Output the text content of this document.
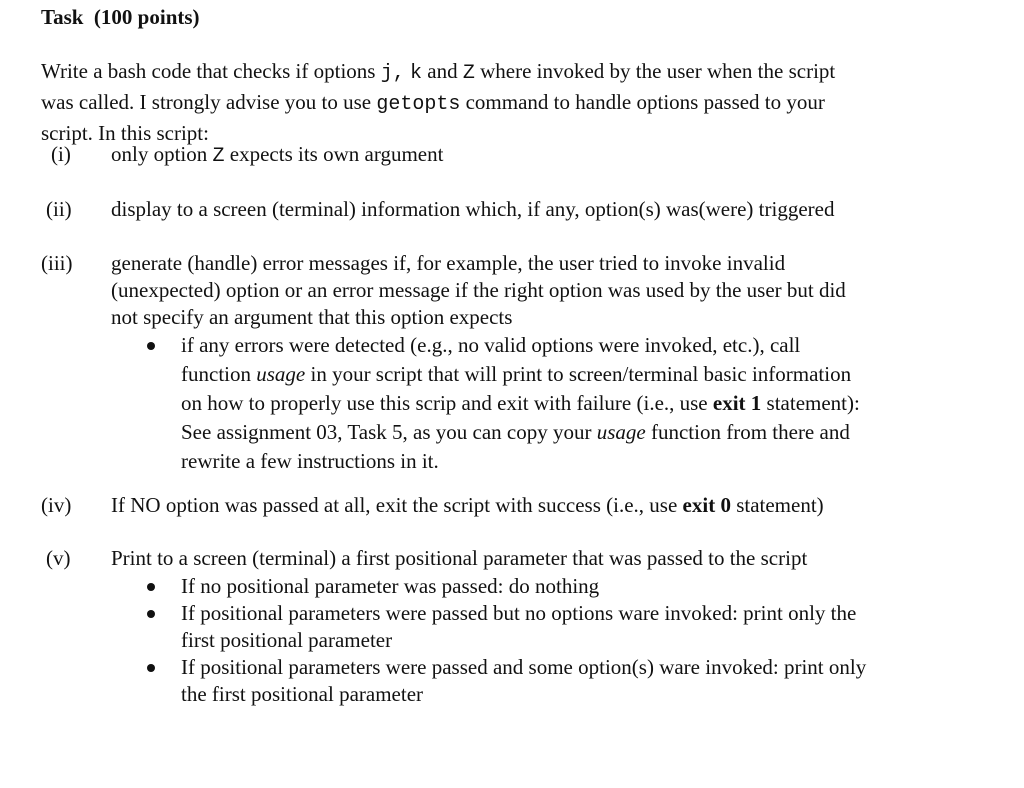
Task  (100 points)
Write a bash code that checks if options j, k and Z where invoked by the user when the script
was called. I strongly advise you to use getopts command to handle options passed to your
script. In this script:
(i) only option Z expects its own argument
(ii) display to a screen (terminal) information which, if any, option(s) was(were) triggered
(iii) generate (handle) error messages if, for example, the user tried to invoke invalid
(unexpected) option or an error message if the right option was used by the user but did
not specify an argument that this option expects
if any errors were detected (e.g., no valid options were invoked, etc.), call
function usage in your script that will print to screen/terminal basic information
on how to properly use this scrip and exit with failure (i.e., use exit 1 statement):
See assignment 03, Task 5, as you can copy your usage function from there and
rewrite a few instructions in it.
(iv) If NO option was passed at all, exit the script with success (i.e., use exit 0 statement)
(v) Print to a screen (terminal) a first positional parameter that was passed to the script
If no positional parameter was passed: do nothing
If positional parameters were passed but no options ware invoked: print only the
first positional parameter
If positional parameters were passed and some option(s) ware invoked: print only
the first positional parameter
